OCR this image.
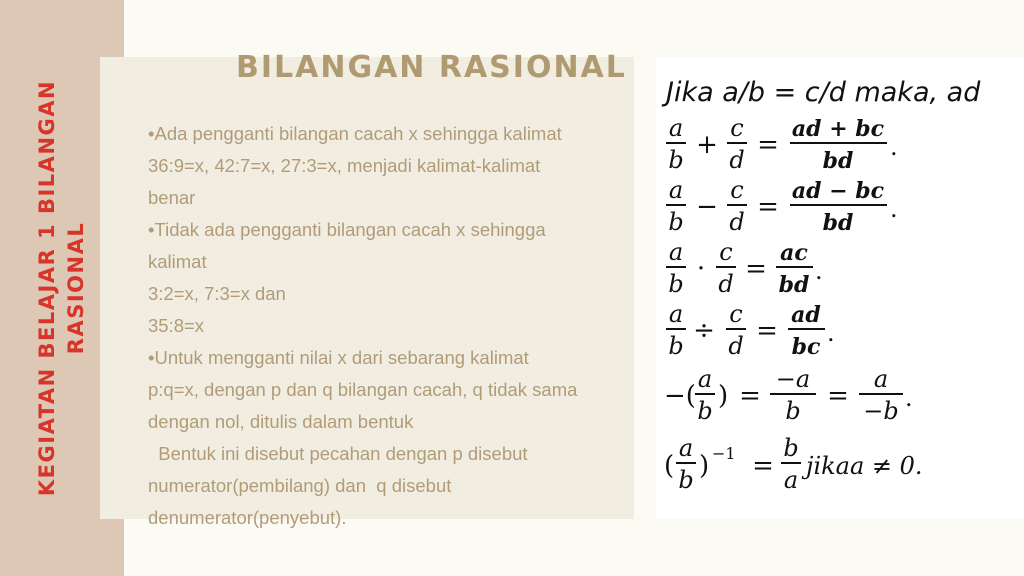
KEGIATAN BELAJAR 1 BILANGAN RASIONAL
BILANGAN RASIONAL

•Ada pengganti bilangan cacah x sehingga kalimat

36:9=x, 42:7=x, 27:3=x, menjadi kalimat-kalimat

benar

•Tidak ada pengganti bilangan cacah x sehingga

kalimat

3:2=x, 7:3=x dan

35:8=x

•Untuk mengganti nilai x dari sebarang kalimat

p:q=x, dengan p dan q bilangan cacah, q tidak sama

dengan nol, ditulis dalam bentuk

Bentuk ini disebut pecahan dengan p disebut

numerator(pembilang) dan  q disebut

denumerator(penyebut).

Jika a/b = c/d maka, ad
a
b +
c
d =
ad + bc
bd .
a
b −
c
d =
ad − bc
bd .
a
b ·
c
d =
ac
bd .
a
b ÷
c
d =
ad
bc .
−(
a
b ) =
−a
b =
a
−b .
(
a
b ) −1 =
b
a jikaa ≠ 0.
